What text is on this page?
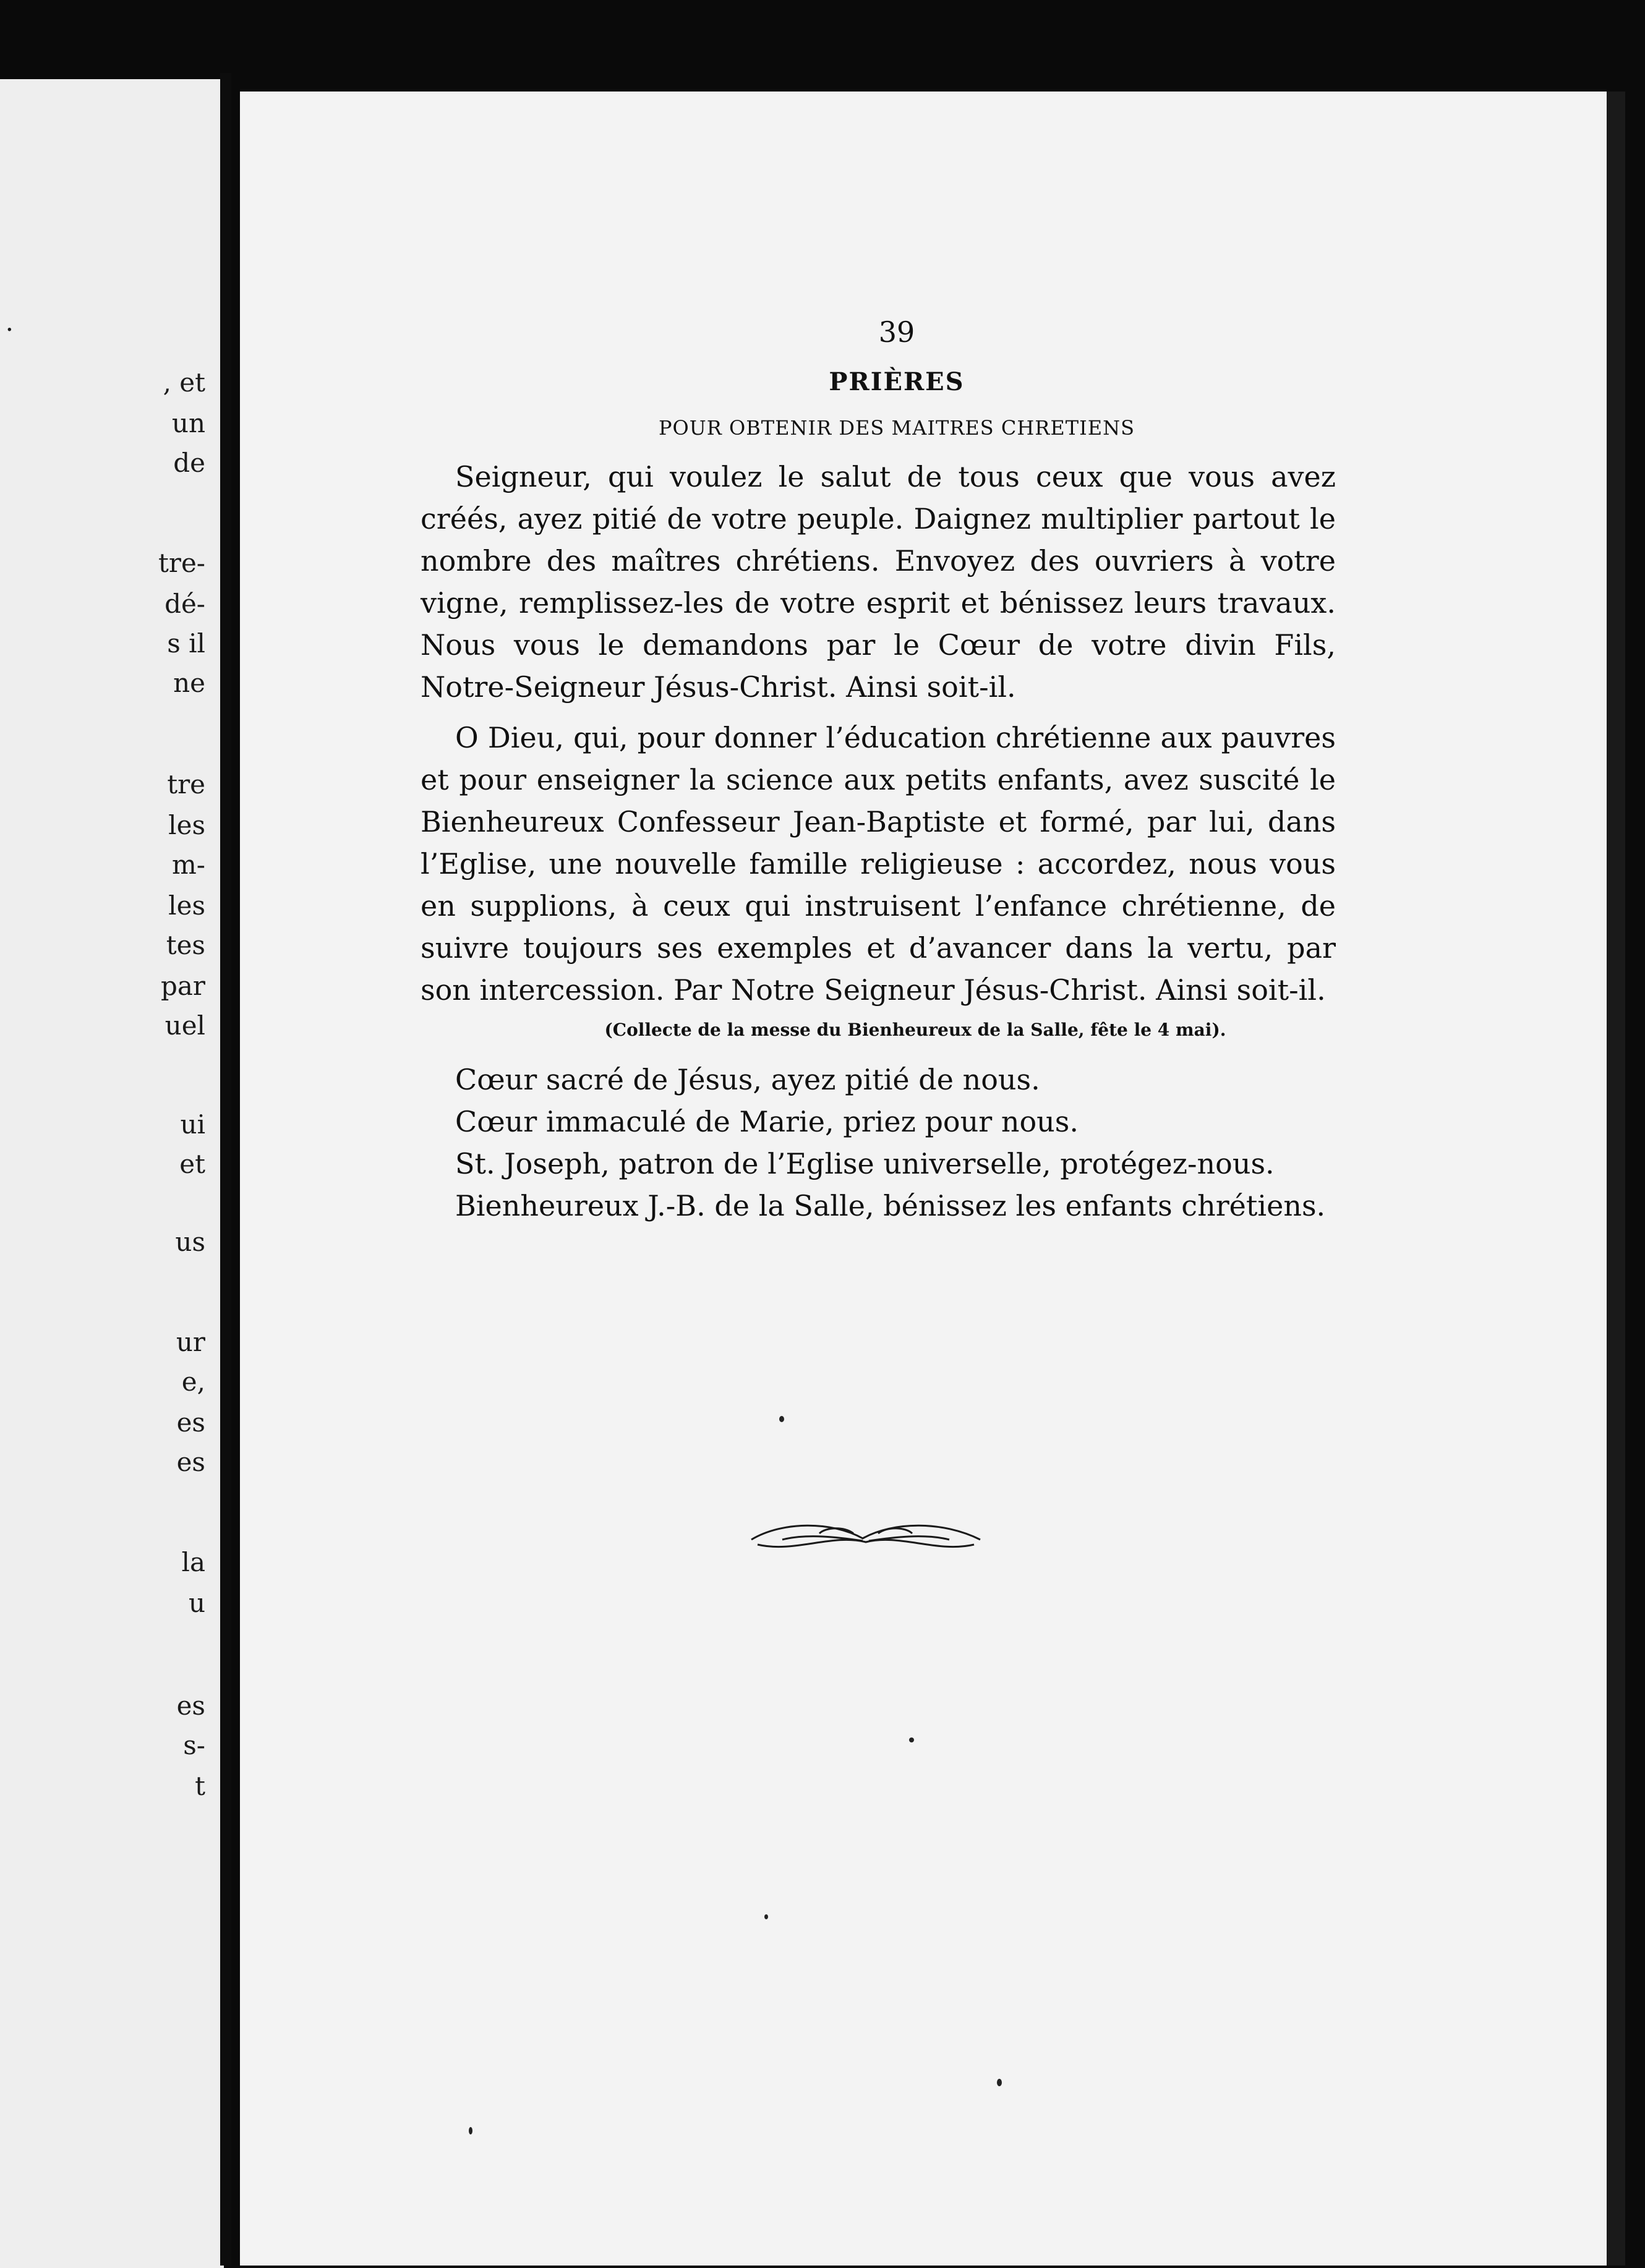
.
, et
un
de
tre-
dé-
s il
ne
tre
les
m-
les
tes
par
uel
ui
et
us
ur
e,
es
es
la
u
es
s-
t
39
PRIÈRES
POUR OBTENIR DES MAITRES CHRETIENS

Seigneur, qui voulez le salut de tous ceux que vous avez créés, ayez pitié de votre peuple. Daignez multiplier partout le nombre des maîtres chrétiens. Envoyez des ouvriers à votre vigne, remplissez-les de votre esprit et bénissez leurs travaux. Nous vous le demandons par le Cœur de votre divin Fils, Notre-Seigneur Jésus-Christ. Ainsi soit-il.

O Dieu, qui, pour donner l’éducation chrétienne aux pauvres et pour enseigner la science aux petits enfants, avez suscité le Bienheureux Confesseur Jean-Baptiste et formé, par lui, dans l’Eglise, une nouvelle famille religieuse : accordez, nous vous en supplions, à ceux qui instruisent l’enfance chrétienne, de suivre toujours ses exemples et d’avancer dans la vertu, par son intercession. Par Notre Seigneur Jésus-Christ. Ainsi soit-il.

(Collecte de la messe du Bienheureux de la Salle, fête le 4 mai).
Cœur sacré de Jésus, ayez pitié de nous.
Cœur immaculé de Marie, priez pour nous.
St. Joseph, patron de l’Eglise universelle, protégez-nous.
Bienheureux J.-B. de la Salle, bénissez les enfants chrétiens.
